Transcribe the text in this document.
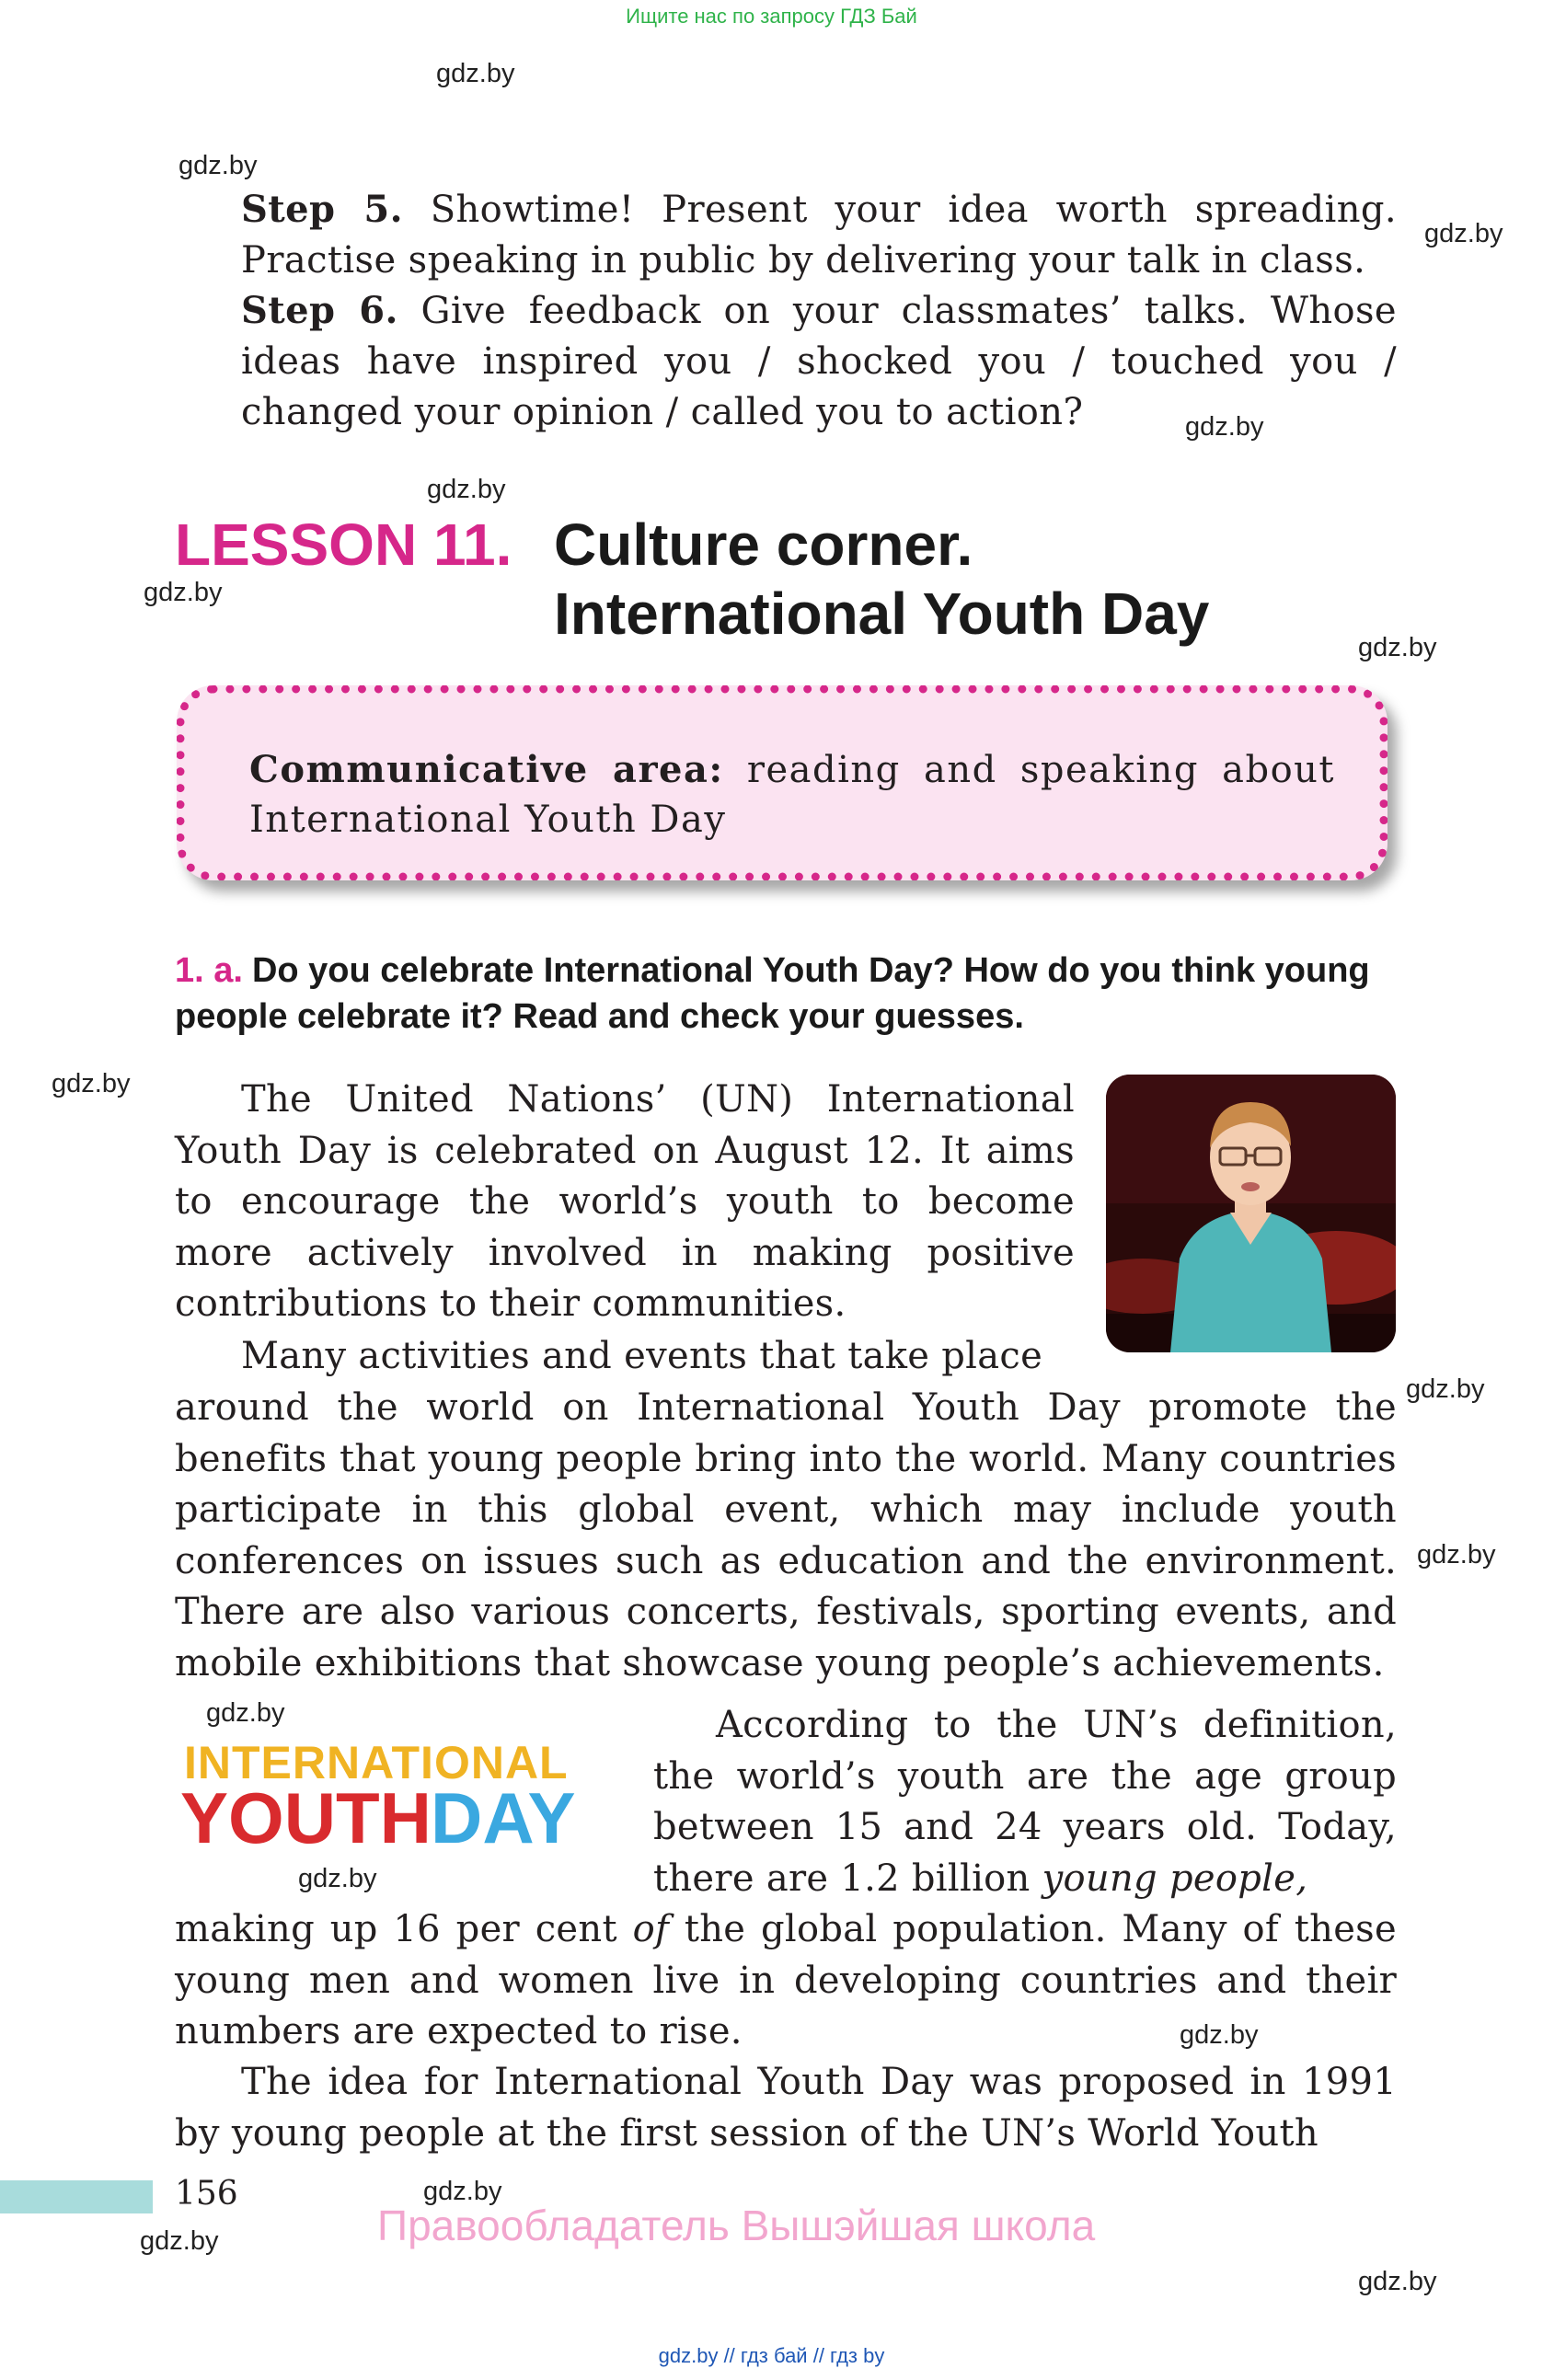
Ищите нас по запросу ГДЗ Бай
gdz.by
gdz.by
gdz.by
gdz.by
gdz.by
gdz.by
gdz.by
gdz.by
gdz.by
gdz.by
gdz.by
gdz.by
gdz.by
gdz.by
gdz.by
gdz.by
Step 5. Showtime! Present your idea worth spreading. Practise speaking in public by delivering your talk in class.
Step 6. Give feedback on your classmates’ talks. Whose ideas have inspired you / shocked you / touched you / changed your opinion / called you to action?
LESSON 11. Culture corner.
International Youth Day
Communicative area: reading and speaking about International Youth Day
1. a. Do you celebrate International Youth Day? How do you think young people celebrate it? Read and check your guesses.
The United Nations’ (UN) International Youth Day is celebrated on August 12. It aims to encourage the world’s youth to become more actively involved in making positive contributions to their communities.
Many activities and events that take place
around the world on International Youth Day promote the benefits that young people bring into the world. Many countries participate in this global event, which may include youth conferences on issues such as education and the environment. There are also various concerts, festivals, sporting events, and mobile exhibitions that showcase young people’s achievements.
INTERNATIONAL
YOUTH DAY
According to the UN’s definition, the world’s youth are the age group between 15 and 24 years old. Today, there are 1.2 billion young people,
making up 16 per cent of the global population. Many of these young men and women live in developing countries and their numbers are expected to rise.
The idea for International Youth Day was proposed in 1991 by young people at the first session of the UN’s World Youth
156
Правообладатель Вышэйшая школа
gdz.by // гдз бай // гдз by
